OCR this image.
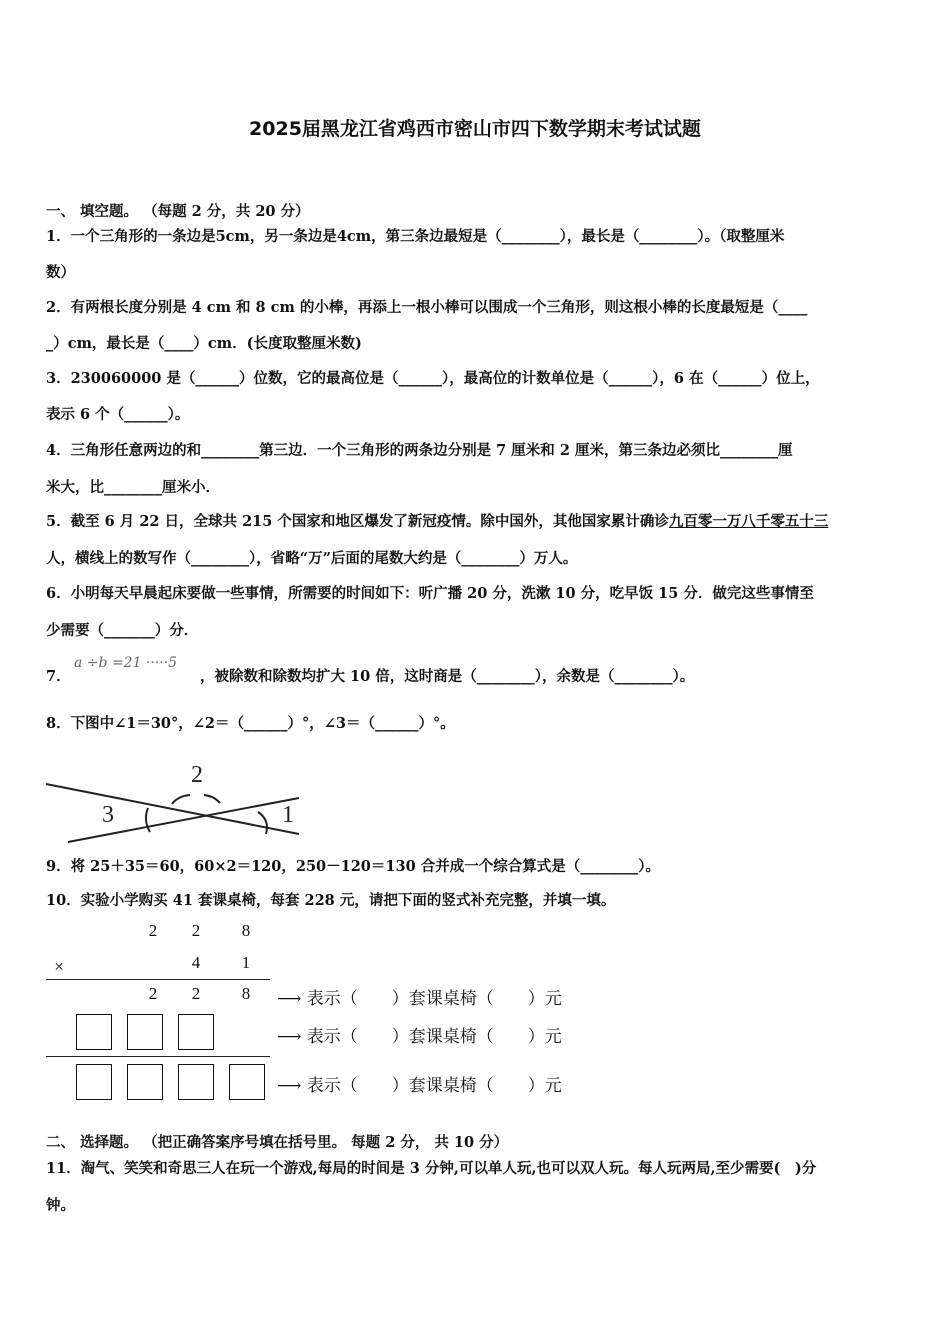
2025届黑龙江省鸡西市密山市四下数学期末考试试题
一、 填空题。 （每题 2 分，共 20 分）
1．一个三角形的一条边是5cm，另一条边是4cm，第三条边最短是（________），最长是（________）。（取整厘米
数）
2．有两根长度分别是 4 cm 和 8 cm 的小棒，再添上一根小棒可以围成一个三角形，则这根小棒的长度最短是（____
_）cm，最长是（____）cm．(长度取整厘米数)
3．230060000 是（______）位数，它的最高位是（______），最高位的计数单位是（______），6 在（______）位上，
表示 6 个（______）。
4．三角形任意两边的和________第三边．一个三角形的两条边分别是 7 厘米和 2 厘米，第三条边必须比________厘
米大，比________厘米小．
5．截至 6 月 22 日，全球共 215 个国家和地区爆发了新冠疫情。除中国外，其他国家累计确诊九百零一万八千零五十三
人，横线上的数写作（________），省略“万”后面的尾数大约是（________）万人。
6．小明每天早晨起床要做一些事情，所需要的时间如下：听广播 20 分，洗漱 10 分，吃早饭 15 分．做完这些事情至
少需要（_______）分．
7．
a ÷b =21 ·····5
，被除数和除数均扩大 10 倍，这时商是（________），余数是（________）。
8．下图中∠1＝30°，∠2＝（______）°，∠3＝（______）°。
2
3	1
9．将 25＋35＝60，60×2＝120，250－120＝130 合并成一个综合算式是（________）。
10．实验小学购买 41 套课桌椅，每套 228 元，请把下面的竖式补充完整，并填一填。
2	2	8
×	4	1
2	2	8	⟶ 表示（　　）套课桌椅（　　）元
⟶ 表示（　　）套课桌椅（　　）元
⟶ 表示（　　）套课桌椅（　　）元
二、 选择题。 （把正确答案序号填在括号里。 每题 2 分， 共 10 分）
11．淘气、笑笑和奇思三人在玩一个游戏,每局的时间是 3 分钟,可以单人玩,也可以双人玩。每人玩两局,至少需要(　)分
钟。
